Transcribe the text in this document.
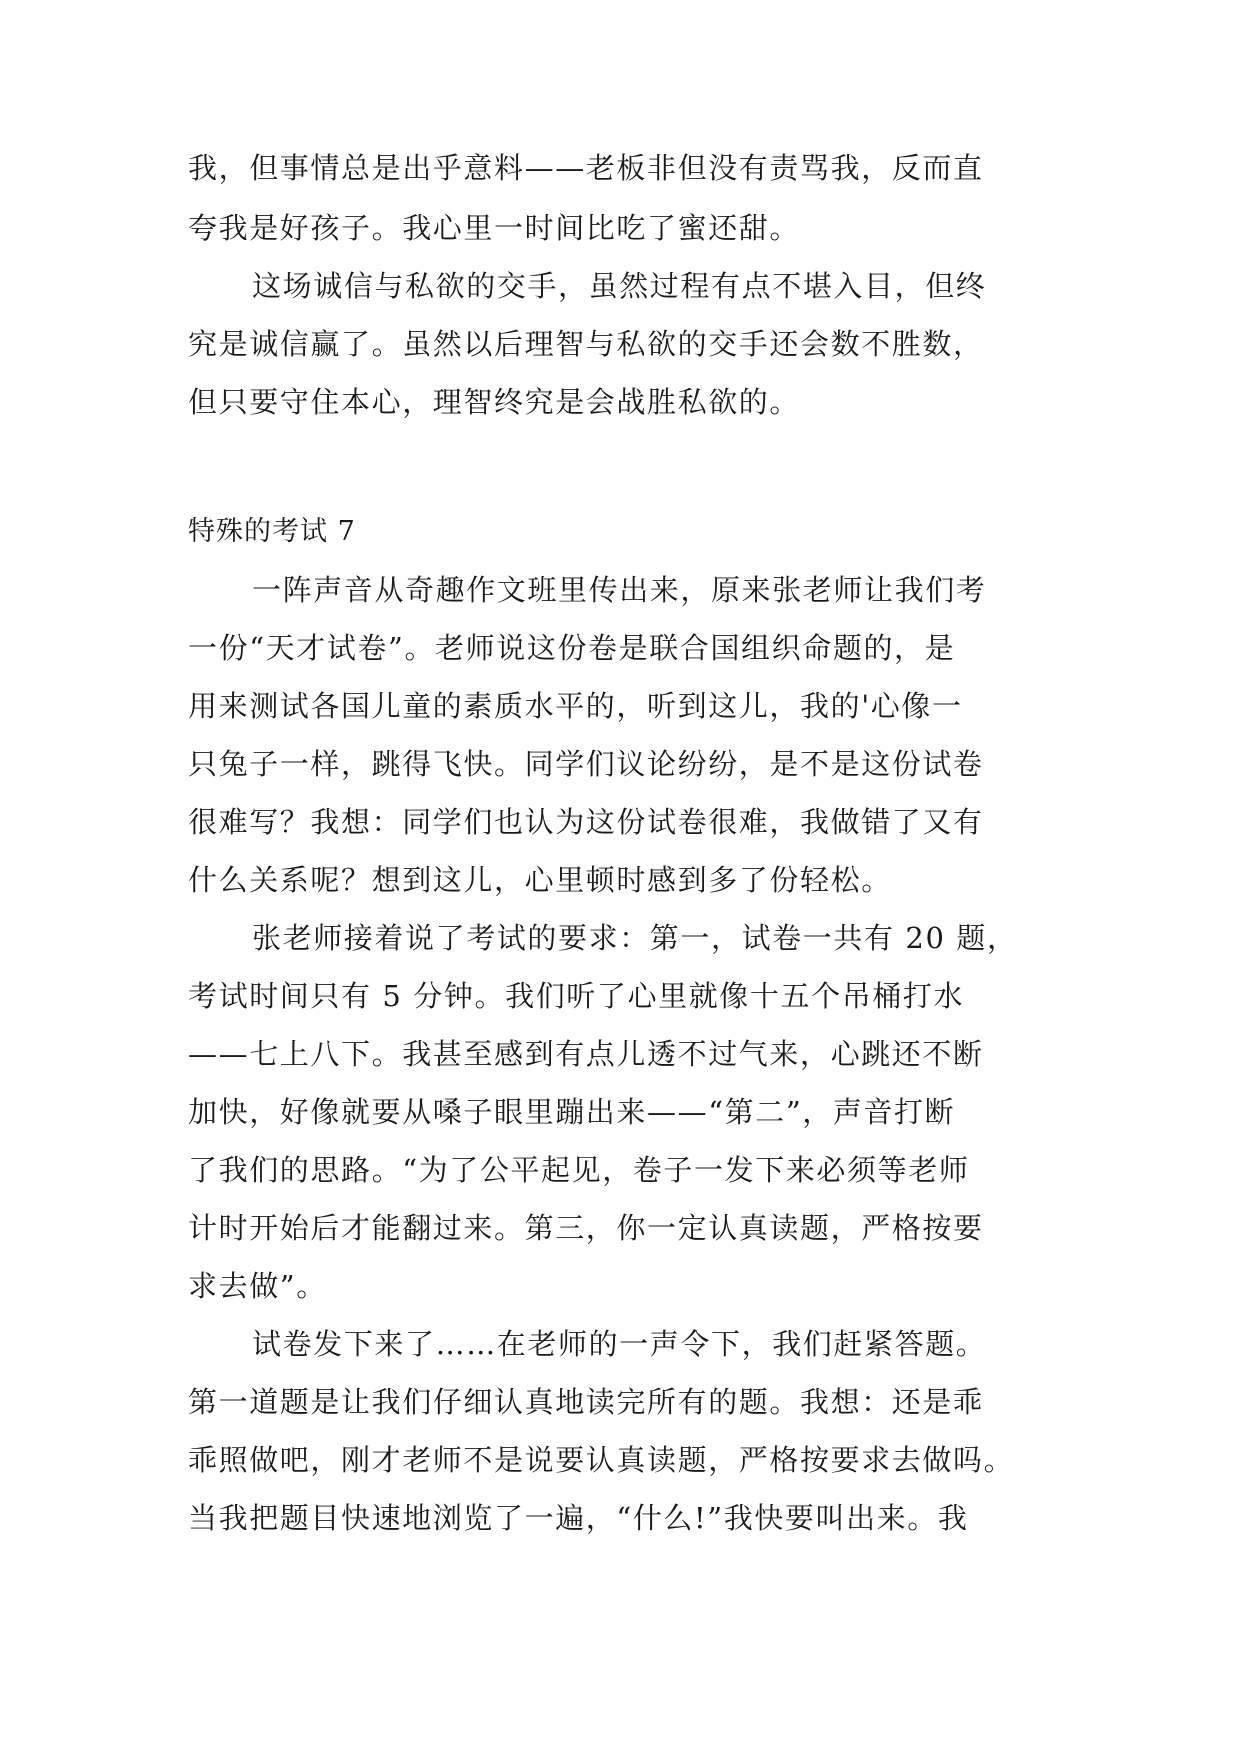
我，但事情总是出乎意料——老板非但没有责骂我，反而直
夸我是好孩子。我心里一时间比吃了蜜还甜。
这场诚信与私欲的交手，虽然过程有点不堪入目，但终
究是诚信赢了。虽然以后理智与私欲的交手还会数不胜数，
但只要守住本心，理智终究是会战胜私欲的。
特殊的考试 7
一阵声音从奇趣作文班里传出来，原来张老师让我们考
一份“天才试卷”。老师说这份卷是联合国组织命题的，是
用来测试各国儿童的素质水平的，听到这儿，我的'心像一
只兔子一样，跳得飞快。同学们议论纷纷，是不是这份试卷
很难写？我想：同学们也认为这份试卷很难，我做错了又有
什么关系呢？想到这儿，心里顿时感到多了份轻松。
张老师接着说了考试的要求：第一，试卷一共有 20 题，
考试时间只有 5 分钟。我们听了心里就像十五个吊桶打水
——七上八下。我甚至感到有点儿透不过气来，心跳还不断
加快，好像就要从嗓子眼里蹦出来——“第二”，声音打断
了我们的思路。“为了公平起见，卷子一发下来必须等老师
计时开始后才能翻过来。第三，你一定认真读题，严格按要
求去做”。
试卷发下来了……在老师的一声令下，我们赶紧答题。
第一道题是让我们仔细认真地读完所有的题。我想：还是乖
乖照做吧，刚才老师不是说要认真读题，严格按要求去做吗。
当我把题目快速地浏览了一遍，“什么!”我快要叫出来。我
